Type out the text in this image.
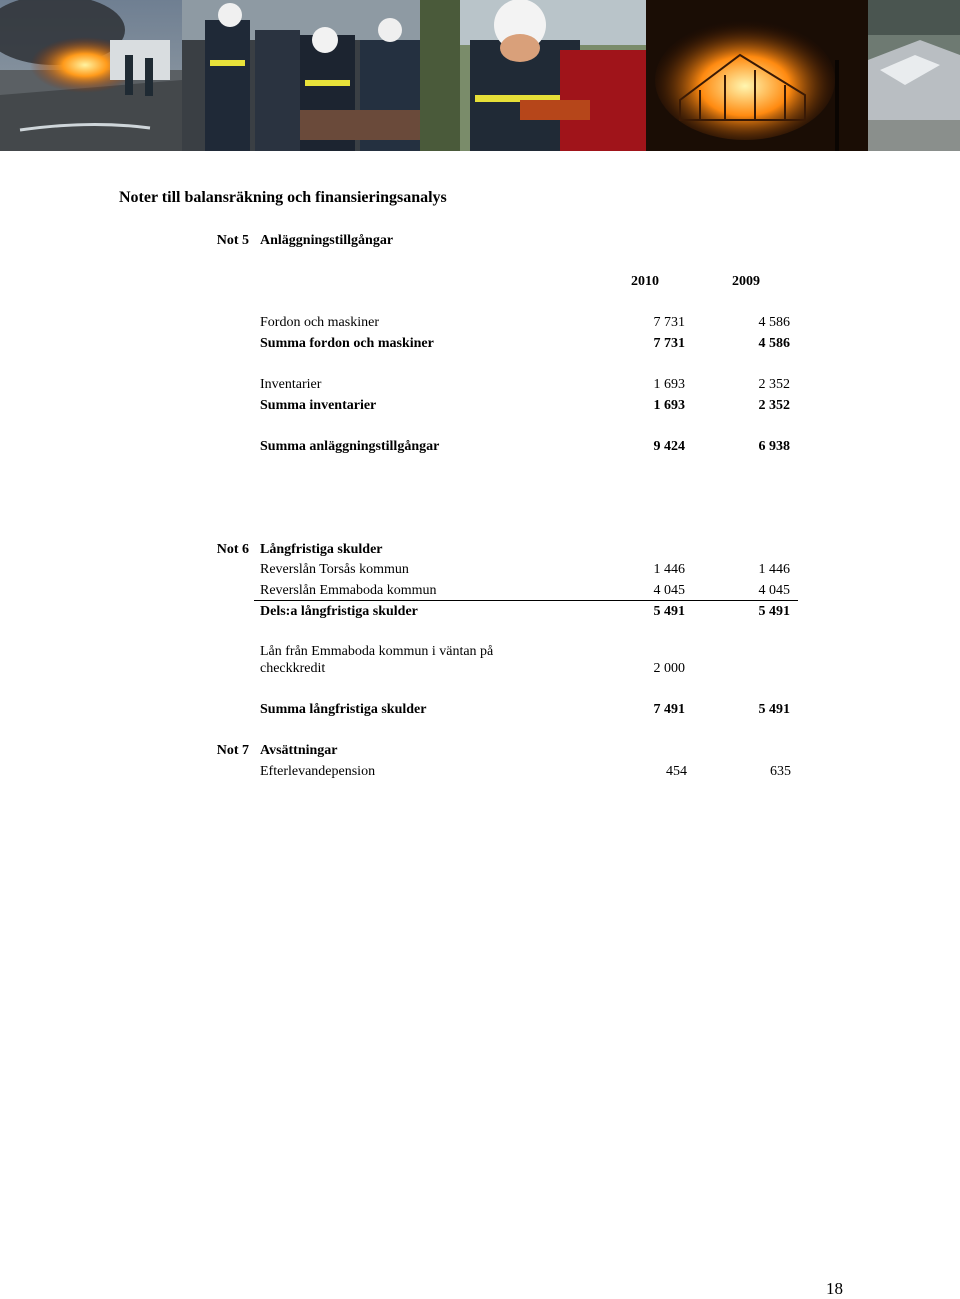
Noter till balansräkning och finansieringsanalys
Not 5 Anläggningstillgångar
2010	2009
Fordon och maskiner	7 731	4 586
Summa fordon och maskiner	7 731	4 586
Inventarier	1 693	2 352
Summa inventarier	1 693	2 352
Summa anläggningstillgångar	9 424	6 938
Not 6 Långfristiga skulder
Reverslån Torsås kommun	1 446	1 446
Reverslån Emmaboda kommun	4 045	4 045
Dels:a långfristiga skulder	5 491	5 491
Lån från Emmaboda kommun i väntan på
checkkredit	2 000
Summa långfristiga skulder	7 491	5 491
Not 7 Avsättningar
Efterlevandepension	454	635
18
